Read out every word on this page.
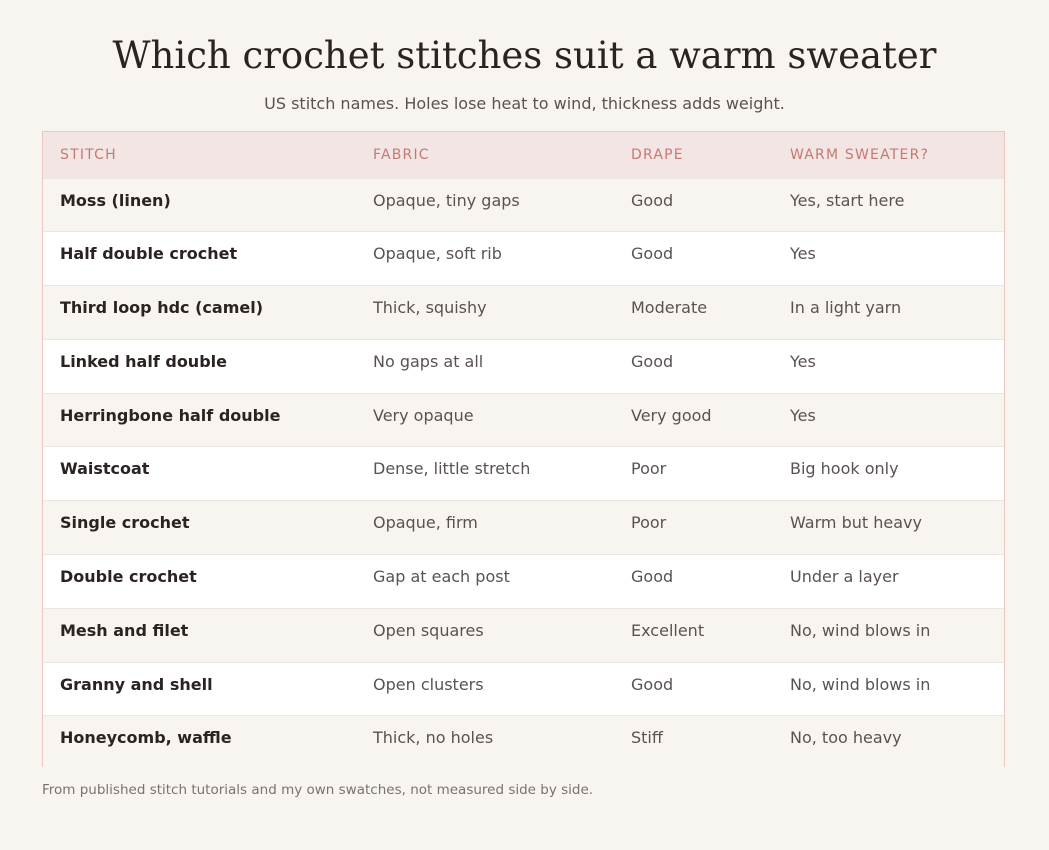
Which crochet stitches suit a warm sweater

US stitch names. Holes lose heat to wind, thickness adds weight.

STITCH	FABRIC	DRAPE	WARM SWEATER?
Moss (linen)	Opaque, tiny gaps	Good	Yes, start here
Half double crochet	Opaque, soft rib	Good	Yes
Third loop hdc (camel)	Thick, squishy	Moderate	In a light yarn
Linked half double	No gaps at all	Good	Yes
Herringbone half double	Very opaque	Very good	Yes
Waistcoat	Dense, little stretch	Poor	Big hook only
Single crochet	Opaque, firm	Poor	Warm but heavy
Double crochet	Gap at each post	Good	Under a layer
Mesh and filet	Open squares	Excellent	No, wind blows in
Granny and shell	Open clusters	Good	No, wind blows in
Honeycomb, waffle	Thick, no holes	Stiff	No, too heavy

From published stitch tutorials and my own swatches, not measured side by side.
